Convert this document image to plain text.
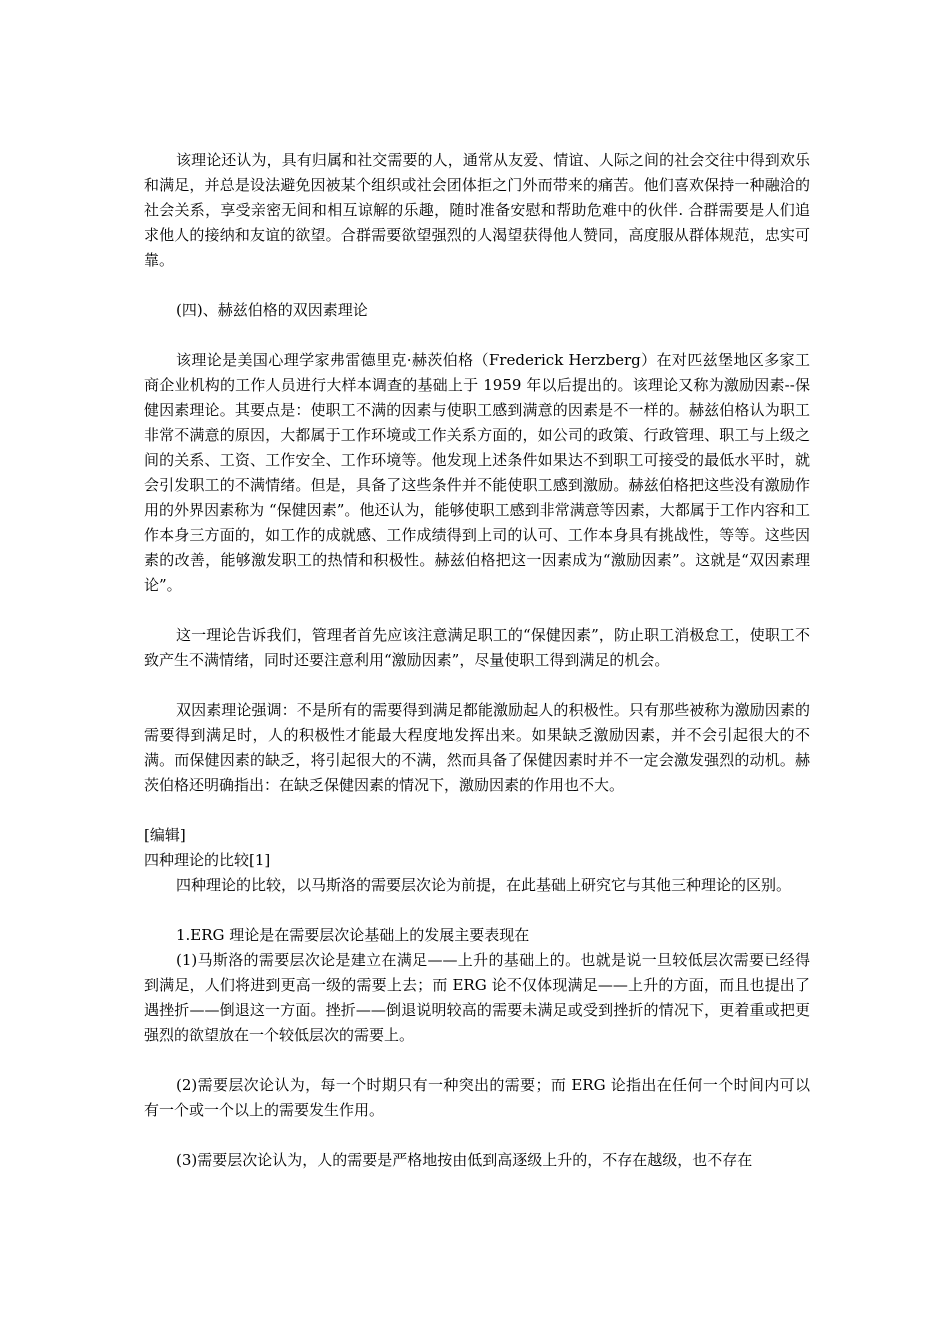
该理论还认为，具有归属和社交需要的人，通常从友爱、情谊、人际之间的社会交往中得到欢乐和满足，并总是设法避免因被某个组织或社会团体拒之门外而带来的痛苦。他们喜欢保持一种融洽的社会关系，享受亲密无间和相互谅解的乐趣，随时准备安慰和帮助危难中的伙伴. 合群需要是人们追求他人的接纳和友谊的欲望。合群需要欲望强烈的人渴望获得他人赞同，高度服从群体规范，忠实可靠。

(四)、赫兹伯格的双因素理论

该理论是美国心理学家弗雷德里克·赫茨伯格（Frederick Herzberg）在对匹兹堡地区多家工商企业机构的工作人员进行大样本调查的基础上于 1959 年以后提出的。该理论又称为激励因素--保健因素理论。其要点是：使职工不满的因素与使职工感到满意的因素是不一样的。赫兹伯格认为职工非常不满意的原因，大都属于工作环境或工作关系方面的，如公司的政策、行政管理、职工与上级之间的关系、工资、工作安全、工作环境等。他发现上述条件如果达不到职工可接受的最低水平时，就会引发职工的不满情绪。但是，具备了这些条件并不能使职工感到激励。赫兹伯格把这些没有激励作用的外界因素称为 “保健因素”。他还认为，能够使职工感到非常满意等因素，大都属于工作内容和工作本身三方面的，如工作的成就感、工作成绩得到上司的认可、工作本身具有挑战性，等等。这些因素的改善，能够激发职工的热情和积极性。赫兹伯格把这一因素成为“激励因素”。这就是“双因素理论”。

这一理论告诉我们，管理者首先应该注意满足职工的“保健因素”，防止职工消极怠工，使职工不致产生不满情绪，同时还要注意利用“激励因素”，尽量使职工得到满足的机会。

双因素理论强调：不是所有的需要得到满足都能激励起人的积极性。只有那些被称为激励因素的需要得到满足时，人的积极性才能最大程度地发挥出来。如果缺乏激励因素，并不会引起很大的不满。而保健因素的缺乏，将引起很大的不满，然而具备了保健因素时并不一定会激发强烈的动机。赫茨伯格还明确指出：在缺乏保健因素的情况下，激励因素的作用也不大。

[编辑]

四种理论的比较[1]

四种理论的比较，以马斯洛的需要层次论为前提，在此基础上研究它与其他三种理论的区别。

1.ERG 理论是在需要层次论基础上的发展主要表现在

(1)马斯洛的需要层次论是建立在满足——上升的基础上的。也就是说一旦较低层次需要已经得到满足，人们将进到更高一级的需要上去；而 ERG 论不仅体现满足——上升的方面，而且也提出了遇挫折——倒退这一方面。挫折——倒退说明较高的需要未满足或受到挫折的情况下，更着重或把更强烈的欲望放在一个较低层次的需要上。

(2)需要层次论认为，每一个时期只有一种突出的需要；而 ERG 论指出在任何一个时间内可以有一个或一个以上的需要发生作用。

(3)需要层次论认为，人的需要是严格地按由低到高逐级上升的，不存在越级，也不存在
